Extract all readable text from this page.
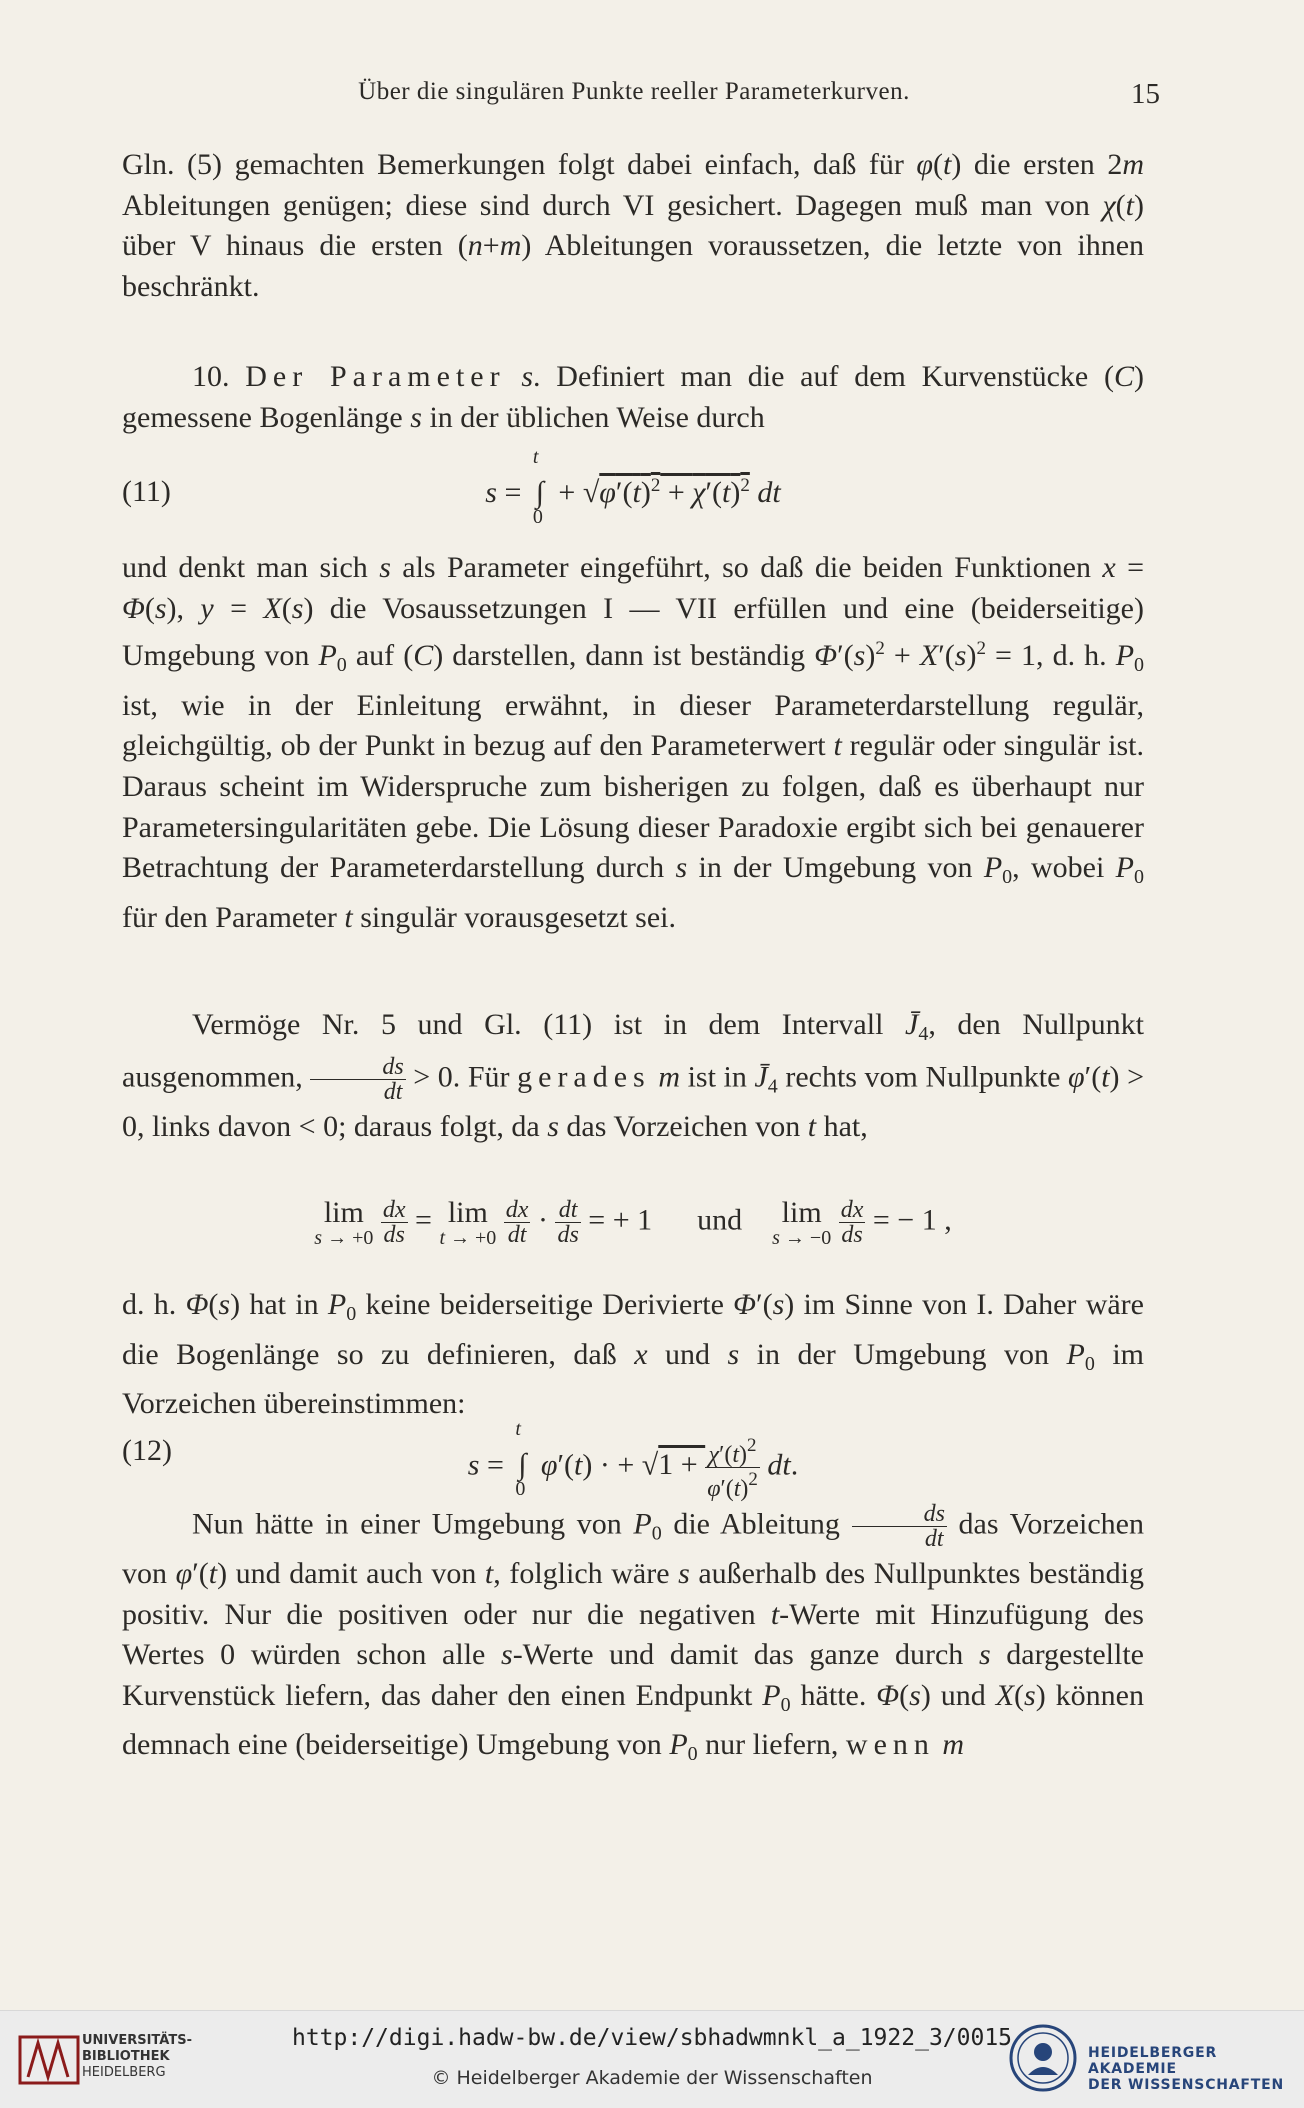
Über die singulären Punkte reeller Parameterkurven.	15

Gln. (5) gemachten Bemerkungen folgt dabei einfach, daß für φ(t) die ersten 2m Ableitungen genügen; diese sind durch VI gesichert. Dagegen muß man von χ(t) über V hinaus die ersten (n+m) Ableitungen voraussetzen, die letzte von ihnen beschränkt.

10. Der Parameter s. Definiert man die auf dem Kurvenstücke (C) gemessene Bogenlänge s in der üblichen Weise durch

(11)	s =
t
∫
0
+ $√\varphi'(t)^2 + \chi'(t)^2$ dt

und denkt man sich s als Parameter eingeführt, so daß die beiden Funktionen x = Φ(s), y = X(s) die Vosaussetzungen I — VII erfüllen und eine (beiderseitige) Umgebung von $P_0$ auf (C) darstellen, dann ist beständig $\Phi'(s)^2 + X'(s)^2 = 1$, d. h. $P_0$ ist, wie in der Einleitung erwähnt, in dieser Parameterdarstellung regulär, gleichgültig, ob der Punkt in bezug auf den Parameterwert t regulär oder singulär ist. Daraus scheint im Widerspruche zum bisherigen zu folgen, daß es überhaupt nur Parametersingularitäten gebe. Die Lösung dieser Paradoxie ergibt sich bei genauerer Betrachtung der Parameterdarstellung durch s in der Umgebung von $P_0$, wobei $P_0$ für den Parameter t singulär vorausgesetzt sei.

Vermöge Nr. 5 und Gl. (11) ist in dem Intervall $J̄_4$, den Nullpunkt ausgenommen, $\frac{ds}{dt} > 0$. Für gerades m ist in $J̄_4$ rechts vom Nullpunkte φ′(t) > 0, links davon < 0; daraus folgt, da s das Vorzeichen von t hat,

lim
s → +0
$\frac{dx}{ds} = \lim$
t → +0
$\frac{dx}{dt} \cdot \frac{dt}{ds}$ = + 1      und    lim
s → −0
$\frac{dx}{ds}$ = − 1 ,

d. h. Φ(s) hat in $P_0$ keine beiderseitige Derivierte Φ′(s) im Sinne von I. Daher wäre die Bogenlänge so zu definieren, daß x und s in der Umgebung von $P_0$ im Vorzeichen übereinstimmen:

(12)	s =
t
∫
0
φ′(t) · + $√1 + \frac{\chi'(t)^2}{\varphi'(t)^2}$ dt.

Nun hätte in einer Umgebung von $P_0$ die Ableitung $\frac{ds}{dt}$ das Vorzeichen von φ′(t) und damit auch von t, folglich wäre s außerhalb des Nullpunktes beständig positiv. Nur die positiven oder nur die negativen t-Werte mit Hinzufügung des Wertes 0 würden schon alle s-Werte und damit das ganze durch s dargestellte Kurvenstück liefern, das daher den einen Endpunkt $P_0$ hätte. Φ(s) und X(s) können demnach eine (beiderseitige) Umgebung von $P_0$ nur liefern, wenn m

UNIVERSITÄTS-
BIBLIOTHEK
HEIDELBERG
http://digi.hadw-bw.de/view/sbhadwmnkl_a_1922_3/0015
© Heidelberger Akademie der Wissenschaften
HEIDELBERGER AKADEMIE
DER WISSENSCHAFTEN
